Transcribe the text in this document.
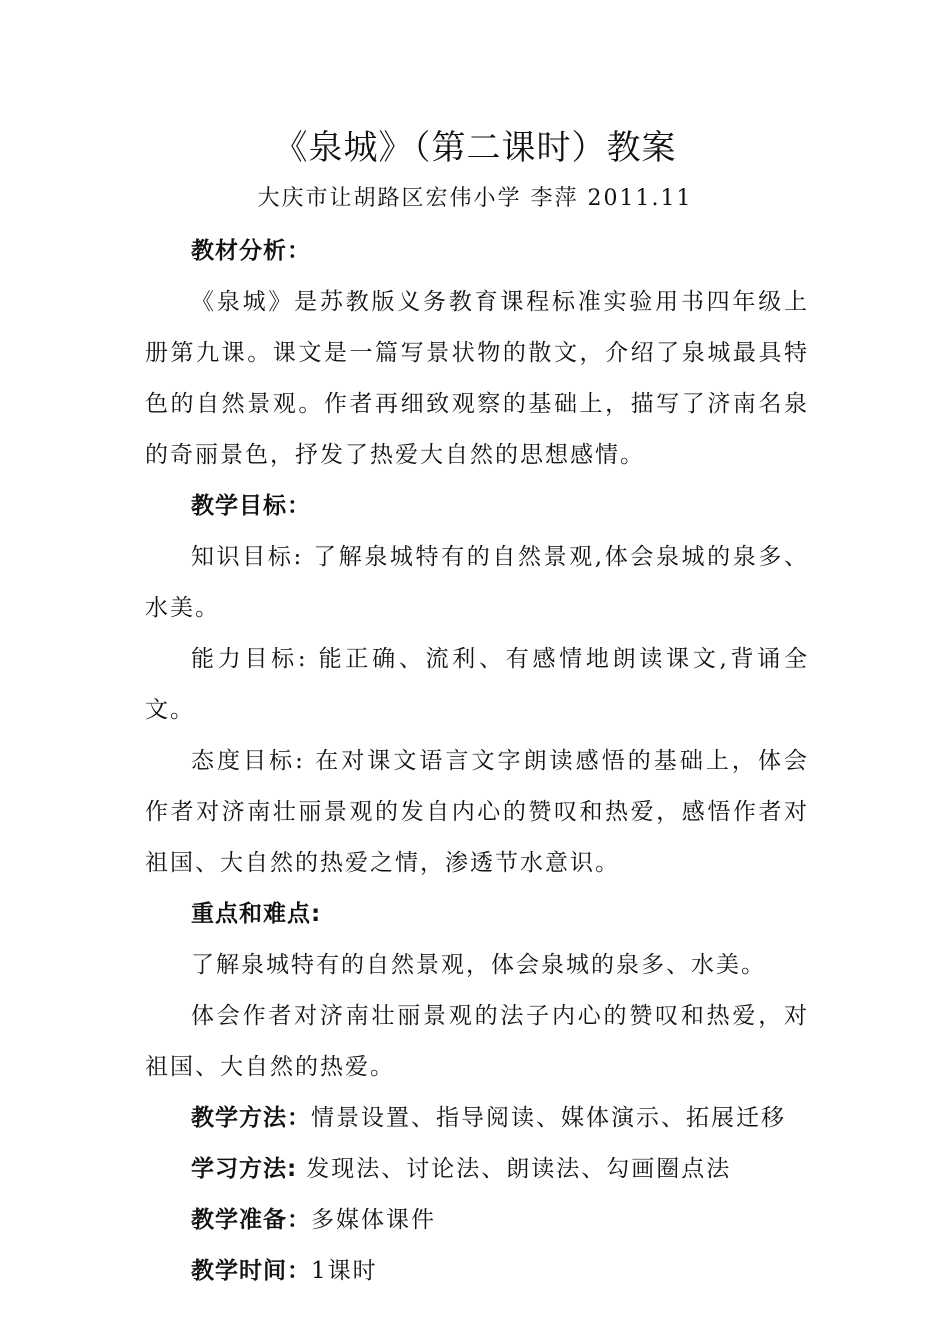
《泉城》（第二课时）教案
大庆市让胡路区宏伟小学 李萍 2011.11

教材分析：

《泉城》是苏教版义务教育课程标准实验用书四年级上册第九课。课文是一篇写景状物的散文，介绍了泉城最具特色的自然景观。作者再细致观察的基础上，描写了济南名泉的奇丽景色，抒发了热爱大自然的思想感情。

教学目标：

知识目标: 了解泉城特有的自然景观,体会泉城的泉多、水美。

能力目标: 能正确、流利、有感情地朗读课文,背诵全文。

态度目标: 在对课文语言文字朗读感悟的基础上，体会作者对济南壮丽景观的发自内心的赞叹和热爱，感悟作者对祖国、大自然的热爱之情，渗透节水意识。

重点和难点:

了解泉城特有的自然景观，体会泉城的泉多、水美。

体会作者对济南壮丽景观的法子内心的赞叹和热爱，对祖国、大自然的热爱。

教学方法：情景设置、指导阅读、媒体演示、拓展迁移

学习方法: 发现法、讨论法、朗读法、勾画圈点法

教学准备：多媒体课件

教学时间：1课时
